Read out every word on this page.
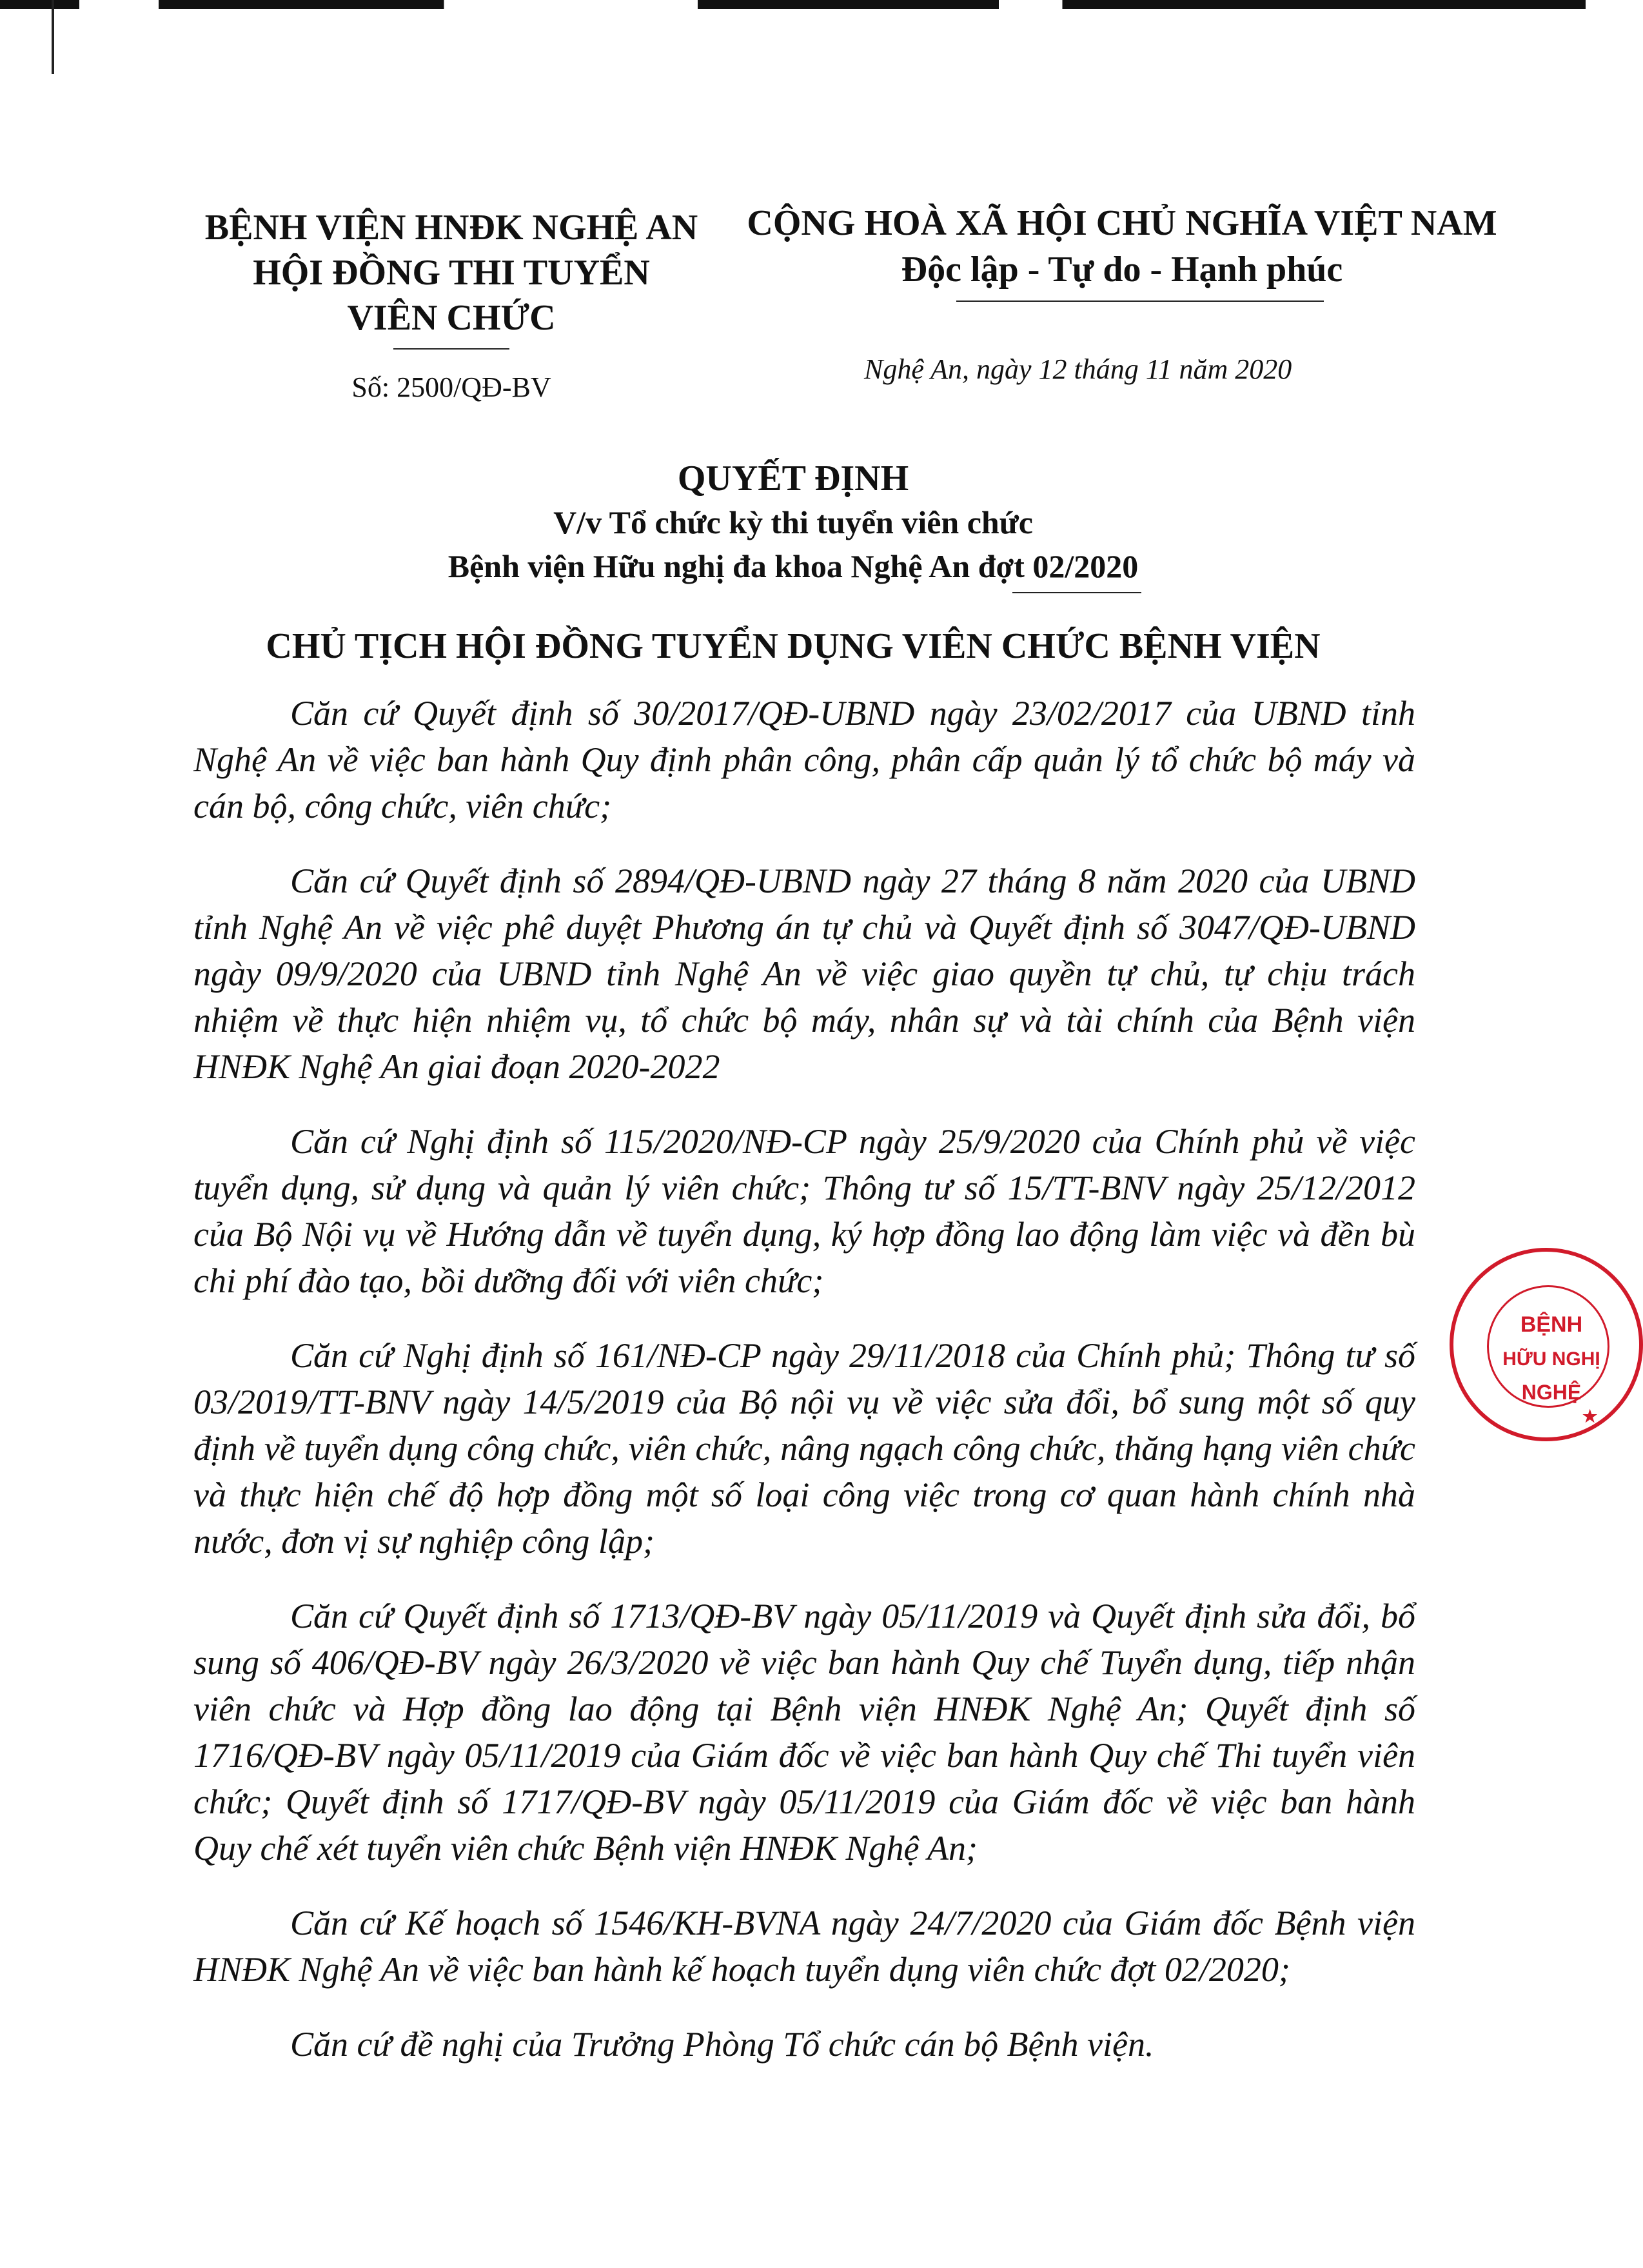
BỆNH VIỆN HNĐK NGHỆ AN
HỘI ĐỒNG THI TUYỂN
VIÊN CHỨC
CỘNG HOÀ XÃ HỘI CHỦ NGHĨA VIỆT NAM
Độc lập - Tự do - Hạnh phúc
Số: 2500/QĐ-BV
Nghệ An, ngày 12 tháng 11 năm 2020
QUYẾT ĐỊNH
V/v Tổ chức kỳ thi tuyển viên chức
Bệnh viện Hữu nghị đa khoa Nghệ An đợt 02/2020
CHỦ TỊCH HỘI ĐỒNG TUYỂN DỤNG VIÊN CHỨC BỆNH VIỆN

Căn cứ Quyết định số 30/2017/QĐ-UBND ngày 23/02/2017 của UBND tỉnh Nghệ An về việc ban hành Quy định phân công, phân cấp quản lý tổ chức bộ máy và cán bộ, công chức, viên chức;

Căn cứ Quyết định số 2894/QĐ-UBND ngày 27 tháng 8 năm 2020 của UBND tỉnh Nghệ An về việc phê duyệt Phương án tự chủ và Quyết định số 3047/QĐ-UBND ngày 09/9/2020 của UBND tỉnh Nghệ An về việc giao quyền tự chủ, tự chịu trách nhiệm về thực hiện nhiệm vụ, tổ chức bộ máy, nhân sự và tài chính của Bệnh viện HNĐK Nghệ An giai đoạn 2020-2022

Căn cứ Nghị định số 115/2020/NĐ-CP ngày 25/9/2020 của Chính phủ về việc tuyển dụng, sử dụng và quản lý viên chức; Thông tư số 15/TT-BNV ngày 25/12/2012 của Bộ Nội vụ về Hướng dẫn về tuyển dụng, ký hợp đồng lao động làm việc và đền bù chi phí đào tạo, bồi dưỡng đối với viên chức;

Căn cứ Nghị định số 161/NĐ-CP ngày 29/11/2018 của Chính phủ; Thông tư số 03/2019/TT-BNV ngày 14/5/2019 của Bộ nội vụ về việc sửa đổi, bổ sung một số quy định về tuyển dụng công chức, viên chức, nâng ngạch công chức, thăng hạng viên chức và thực hiện chế độ hợp đồng một số loại công việc trong cơ quan hành chính nhà nước, đơn vị sự nghiệp công lập;

Căn cứ Quyết định số 1713/QĐ-BV ngày 05/11/2019 và Quyết định sửa đổi, bổ sung số 406/QĐ-BV ngày 26/3/2020 về việc ban hành Quy chế Tuyển dụng, tiếp nhận viên chức và Hợp đồng lao động tại Bệnh viện HNĐK Nghệ An; Quyết định số 1716/QĐ-BV ngày 05/11/2019 của Giám đốc về việc ban hành Quy chế Thi tuyển viên chức; Quyết định số 1717/QĐ-BV ngày 05/11/2019 của Giám đốc về việc ban hành Quy chế xét tuyển viên chức Bệnh viện HNĐK Nghệ An;

Căn cứ Kế hoạch số 1546/KH-BVNA ngày 24/7/2020 của Giám đốc Bệnh viện HNĐK Nghệ An về việc ban hành kế hoạch tuyển dụng viên chức đợt 02/2020;

Căn cứ đề nghị của Trưởng Phòng Tổ chức cán bộ Bệnh viện.

BỆNH
HỮU NGHỊ
NGHỆ
★
